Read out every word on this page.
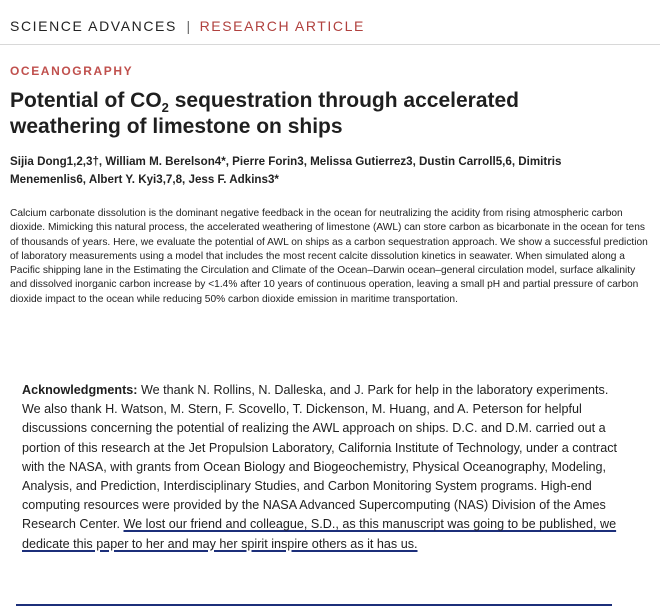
SCIENCE ADVANCES | RESEARCH ARTICLE
OCEANOGRAPHY
Potential of $CO_2$ sequestration through accelerated weathering of limestone on ships
Sijia Dong1,2,3†, William M. Berelson4*, Pierre Forin3, Melissa Gutierrez3, Dustin Carroll5,6, Dimitris Menemenlis6, Albert Y. Kyi3,7,8, Jess F. Adkins3*
Calcium carbonate dissolution is the dominant negative feedback in the ocean for neutralizing the acidity from rising atmospheric carbon dioxide. Mimicking this natural process, the accelerated weathering of limestone (AWL) can store carbon as bicarbonate in the ocean for tens of thousands of years. Here, we evaluate the potential of AWL on ships as a carbon sequestration approach. We show a successful prediction of laboratory measurements using a model that includes the most recent calcite dissolution kinetics in seawater. When simulated along a Pacific shipping lane in the Estimating the Circulation and Climate of the Ocean–Darwin ocean–general circulation model, surface alkalinity and dissolved inorganic carbon increase by <1.4% after 10 years of continuous operation, leaving a small pH and partial pressure of carbon dioxide impact to the ocean while reducing 50% carbon dioxide emission in maritime transportation.
Acknowledgments: We thank N. Rollins, N. Dalleska, and J. Park for help in the laboratory experiments. We also thank H. Watson, M. Stern, F. Scovello, T. Dickenson, M. Huang, and A. Peterson for helpful discussions concerning the potential of realizing the AWL approach on ships. D.C. and D.M. carried out a portion of this research at the Jet Propulsion Laboratory, California Institute of Technology, under a contract with the NASA, with grants from Ocean Biology and Biogeochemistry, Physical Oceanography, Modeling, Analysis, and Prediction, Interdisciplinary Studies, and Carbon Monitoring System programs. High-end computing resources were provided by the NASA Advanced Supercomputing (NAS) Division of the Ames Research Center. We lost our friend and colleague, S.D., as this manuscript was going to be published, we dedicate this paper to her and may her spirit inspire others as it has us.
